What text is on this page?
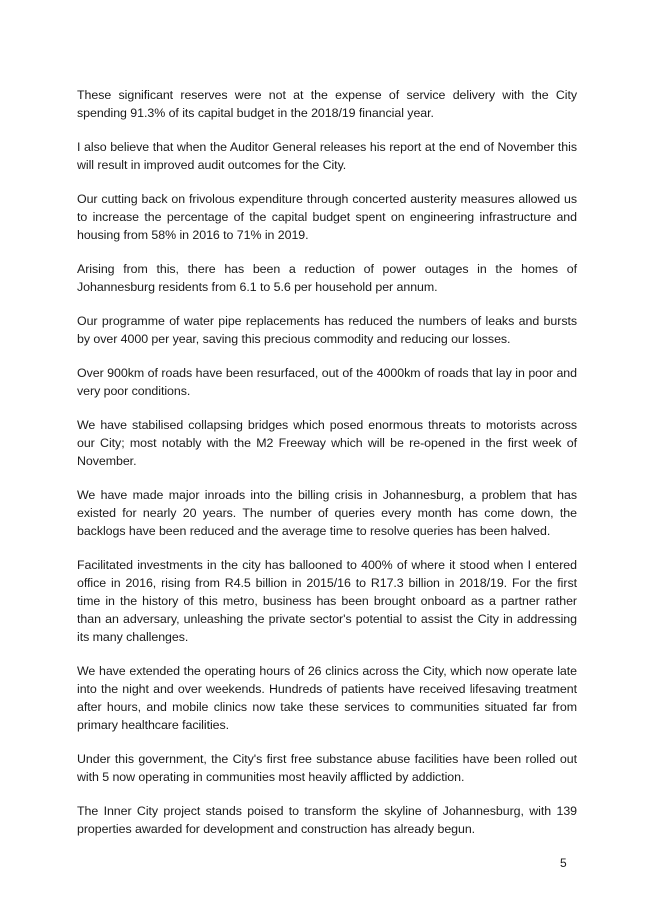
These significant reserves were not at the expense of service delivery with the City spending 91.3% of its capital budget in the 2018/19 financial year.

I also believe that when the Auditor General releases his report at the end of November this will result in improved audit outcomes for the City.

Our cutting back on frivolous expenditure through concerted austerity measures allowed us to increase the percentage of the capital budget spent on engineering infrastructure and housing from 58% in 2016 to 71% in 2019.

Arising from this, there has been a reduction of power outages in the homes of Johannesburg residents from 6.1 to 5.6 per household per annum.

Our programme of water pipe replacements has reduced the numbers of leaks and bursts by over 4000 per year, saving this precious commodity and reducing our losses.

Over 900km of roads have been resurfaced, out of the 4000km of roads that lay in poor and very poor conditions.

We have stabilised collapsing bridges which posed enormous threats to motorists across our City; most notably with the M2 Freeway which will be re-opened in the first week of November.

We have made major inroads into the billing crisis in Johannesburg, a problem that has existed for nearly 20 years. The number of queries every month has come down, the backlogs have been reduced and the average time to resolve queries has been halved.

Facilitated investments in the city has ballooned to 400% of where it stood when I entered office in 2016, rising from R4.5 billion in 2015/16 to R17.3 billion in 2018/19. For the first time in the history of this metro, business has been brought onboard as a partner rather than an adversary, unleashing the private sector's potential to assist the City in addressing its many challenges.

We have extended the operating hours of 26 clinics across the City, which now operate late into the night and over weekends. Hundreds of patients have received lifesaving treatment after hours, and mobile clinics now take these services to communities situated far from primary healthcare facilities.

Under this government, the City's first free substance abuse facilities have been rolled out with 5 now operating in communities most heavily afflicted by addiction.

The Inner City project stands poised to transform the skyline of Johannesburg, with 139 properties awarded for development and construction has already begun.

5
